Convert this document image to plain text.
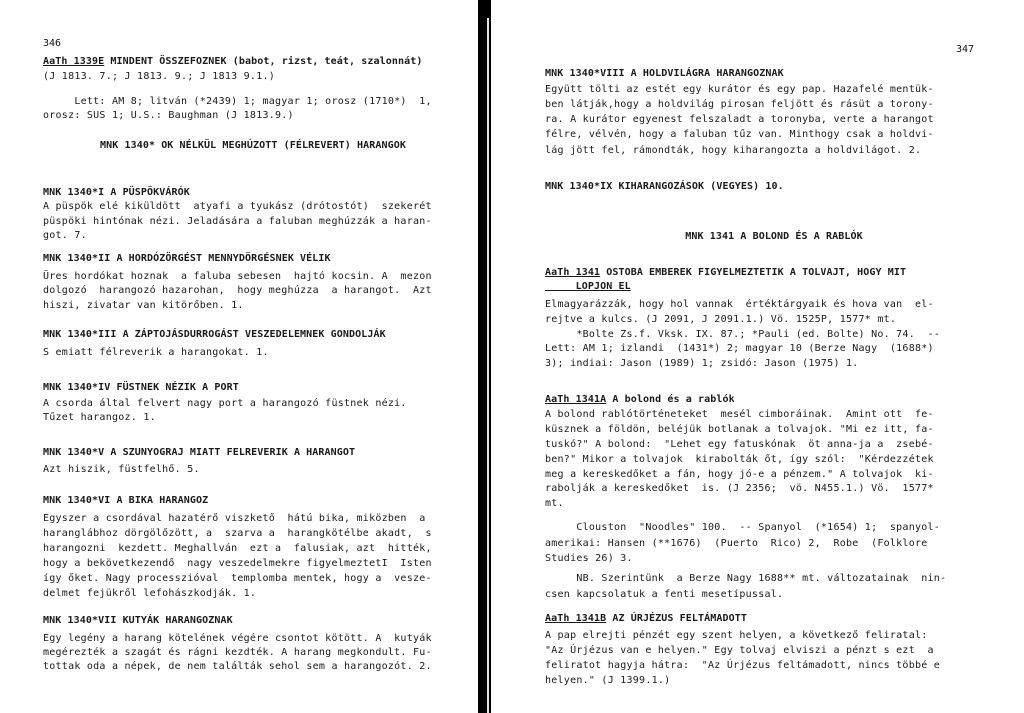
346
AaTh 1339E MINDENT ÖSSZEFOZNEK (babot, rizst, teát, szalonnát)
(J 1813. 7.; J 1813. 9.; J 1813 9.1.)
Lett: AM 8; litván (*2439) 1; magyar 1; orosz (1710*)  1,
orosz: SUS 1; U.S.: Baughman (J 1813.9.)
MNK 1340* OK NÉLKÜL MEGHÚZOTT (FÉLREVERT) HARANGOK
MNK 1340*I A PÜSPÖKVÁRÓK
A püspök elé kiküldött  atyafi a tyukász (drótostót)  szekerét
püspöki hintónak nézi. Jeladására a faluban meghúzzák a haran-
got. 7.
MNK 1340*II A HORDÓZÖRGÉST MENNYDÖRGÉSNEK VÉLIK
Üres hordókat hoznak  a faluba sebesen  hajtó kocsin. A  mezon
dolgozó  harangozó hazarohan,  hogy meghúzza  a harangot.  Azt
hiszi, zivatar van kitörőben. 1.
MNK 1340*III A ZÁPTOJÁSDURROGÁST VESZEDELEMNEK GONDOLJÁK
S emiatt félreverik a harangokat. 1.
MNK 1340*IV FÜSTNEK NÉZIK A PORT
A csorda által felvert nagy port a harangozó füstnek nézi.
Tűzet harangoz. 1.
MNK 1340*V A SZUNYOGRAJ MIATT FELREVERIK A HARANGOT
Azt hiszik, füstfelhő. 5.
MNK 1340*VI A BIKA HARANGOZ
Egyszer a csordával hazatérő viszkető  hátú bika, miközben  a
haranglábhoz dörgölőzött, a  szarva a  harangkötélbe akadt,  s
harangozni  kezdett. Meghallván  ezt a  falusiak, azt  hitték,
hogy a bekövetkezendő  nagy veszedelmekre figyelmeztetI  Isten
így őket. Nagy processzióval  templomba mentek, hogy a  vesze-
delmet fejükről lefohászkodják. 1.
MNK 1340*VII KUTYÁK HARANGOZNAK
Egy legény a harang kötelének végére csontot kötött. A  kutyák
megérezték a szagát és rágni kezdték. A harang megkondult. Fu-
tottak oda a népek, de nem találták sehol sem a harangozót. 2.
347
MNK 1340*VIII A HOLDVILÁGRA HARANGOZNAK
Együtt tölti az estét egy kurátor és egy pap. Hazafelé mentük-
ben látják,hogy a holdvilág pirosan feljött és rásüt a torony-
ra. A kurátor egyenest felszaladt a toronyba, verte a harangot
félre, vélvén, hogy a faluban tűz van. Minthogy csak a holdvi-
lág jött fel, rámondták, hogy kiharangozta a holdvilágot. 2.
MNK 1340*IX KIHARANGOZÁSOK (VEGYES) 10.
MNK 1341 A BOLOND ÉS A RABLÓK
AaTh 1341 OSTOBA EMBEREK FIGYELMEZTETIK A TOLVAJT, HOGY MIT
LOPJON EL
Elmagyarázzák, hogy hol vannak  értéktárgyaik és hova van  el-
rejtve a kulcs. (J 2091, J 2091.1.) Vö. 1525P, 1577* mt.
*Bolte Zs.f. Vksk. IX. 87.; *Pauli (ed. Bolte) No. 74.  --
Lett: AM 1; izlandi  (1431*) 2; magyar 10 (Berze Nagy  (1688*)
3); indiai: Jason (1989) 1; zsidó: Jason (1975) 1.
AaTh 1341A A bolond és a rablók
A bolond rablótörténeteket  mesél cimboráinak.  Amint ott  fe-
küsznek a földön, beléjük botlanak a tolvajok. "Mi ez itt, fa-
tuskó?" A bolond:  "Lehet egy fatuskónak  öt anna-ja a  zsebé-
ben?" Mikor a tolvajok  kirabolták őt, így szól:  "Kérdezzétek
meg a kereskedőket a fán, hogy jó-e a pénzem." A tolvajok  ki-
rabolják a kereskedőket  is. (J 2356;  vö. N455.1.) Vö.  1577*
mt.
Clouston  "Noodles" 100.  -- Spanyol  (*1654) 1;  spanyol-
amerikai: Hansen (**1676)  (Puerto  Rico) 2,  Robe  (Folklore
Studies 26) 3.
NB. Szerintünk  a Berze Nagy 1688** mt. változatainak  nin-
csen kapcsolatuk a fenti mesetípussal.
AaTh 1341B AZ ÚRJÉZUS FELTÁMADOTT
A pap elrejti pénzét egy szent helyen, a következő feliratal:
"Az Úrjézus van e helyen." Egy tolvaj elviszi a pénzt s ezt  a
feliratot hagyja hátra:  "Az Úrjézus feltámadott, nincs többé e
helyen." (J 1399.1.)
